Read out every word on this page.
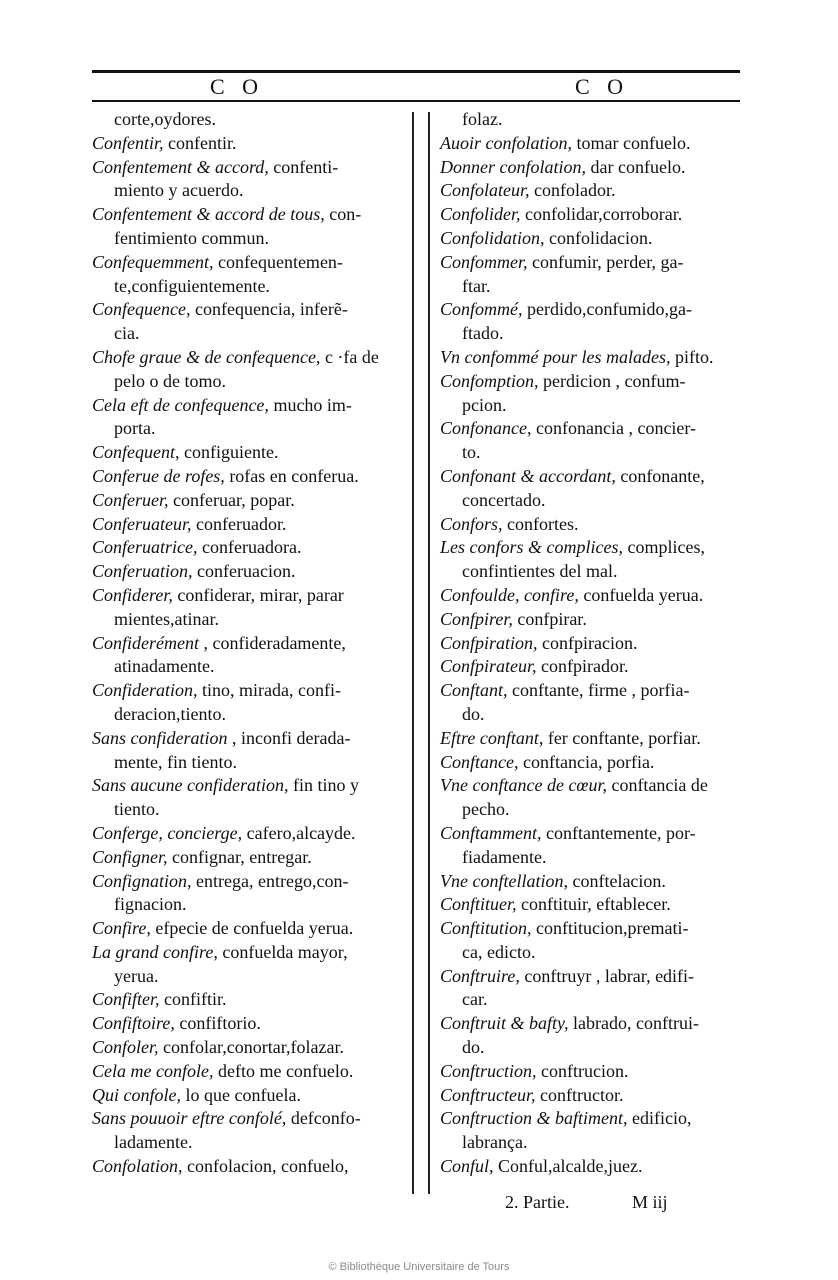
C O	C O
corte,oydores.
Confentir, confentir.
Confentement & accord, confenti-
miento y acuerdo.
Confentement & accord de tous, con-
fentimiento commun.
Confequemment, confequentemen-
te,configuientemente.
Confequence, confequencia, inferẽ-
cia.
Chofe graue & de confequence, c ·fa de
pelo o de tomo.
Cela eft de confequence, mucho im-
porta.
Confequent, configuiente.
Conferue de rofes, rofas en conferua.
Conferuer, conferuar, popar.
Conferuateur, conferuador.
Conferuatrice, conferuadora.
Conferuation, conferuacion.
Confiderer, confiderar, mirar, parar
mientes,atinar.
Confiderément , confideradamente,
atinadamente.
Confideration, tino, mirada, confi-
deracion,tiento.
Sans confideration , inconfi deradа-
mente, fin tiento.
Sans aucune confideration, fin tino y
tiento.
Conferge, concierge, cafero,alcayde.
Configner, confignar, entregar.
Confignation, entrega, entrego,con-
fignacion.
Confire, efpecie de confuelda yerua.
La grand confire, confuelda mayor,
yerua.
Confifter, confiftir.
Confiftoire, confiftorio.
Confoler, confolar,conortar,folazar.
Cela me confole, defto me confuelo.
Qui confole, lo que confuela.
Sans pouuoir eftre confolé, defconfo-
ladamente.
Confolation, confolacion, confuelo,
folaz.
Auoir confolation, tomar confuelo.
Donner confolation, dar confuelo.
Confolateur, confolador.
Confolider, confolidar,corroborar.
Confolidation, confolidacion.
Confommer, confumir, perder, ga-
ftar.
Confommé, perdido,confumido,ga-
ftado.
Vn confommé pour les malades, pifto.
Confomption, perdicion , confum-
pcion.
Confonance, confonancia , concier-
to.
Confonant & accordant, confonante,
concertado.
Confors, confortes.
Les confors & complices, complices,
confintientes del mal.
Confoulde, confire, confuelda yerua.
Confpirer, confpirar.
Confpiration, confpiracion.
Confpirateur, confpirador.
Conftant, conftante, firme , porfia-
do.
Eftre conftant, fer conftante, porfiar.
Conftance, conftancia, porfia.
Vne conftance de cœur, conftancia de
pecho.
Conftamment, conftantemente, por-
fiadamente.
Vne conftellation, conftelacion.
Conftituer, conftituir, eftablecer.
Conftitution, conftitucion,premati-
ca, edicto.
Conftruire, conftruyr , labrar, edifi-
car.
Conftruit & bafty, labrado, conftrui-
do.
Conftruction, conftrucion.
Conftructeur, conftructor.
Conftruction & baftiment, edificio,
labrança.
Conful, Conful,alcalde,juez.
2. Partie.	M iij
© Bibliothèque Universitaire de Tours
